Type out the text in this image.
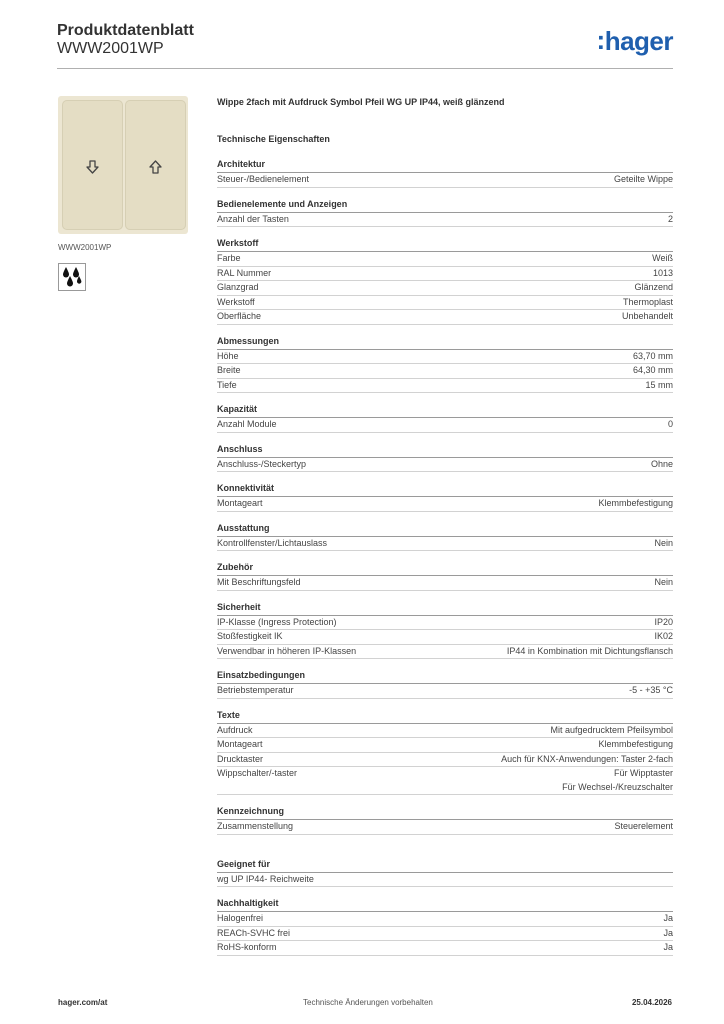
Produktdatenblatt
WWW2001WP	:hager
WWW2001WP
Wippe 2fach mit Aufdruck Symbol Pfeil WG UP IP44, weiß glänzend
Technische Eigenschaften
Architektur
Steuer-/Bedienelement	Geteilte Wippe
Bedienelemente und Anzeigen
Anzahl der Tasten	2
Werkstoff
Farbe	Weiß
RAL Nummer	1013
Glanzgrad	Glänzend
Werkstoff	Thermoplast
Oberfläche	Unbehandelt
Abmessungen
Höhe	63,70 mm
Breite	64,30 mm
Tiefe	15 mm
Kapazität
Anzahl Module	0
Anschluss
Anschluss-/Steckertyp	Ohne
Konnektivität
Montageart	Klemmbefestigung
Ausstattung
Kontrollfenster/Lichtauslass	Nein
Zubehör
Mit Beschriftungsfeld	Nein
Sicherheit
IP-Klasse (Ingress Protection)	IP20
Stoßfestigkeit IK	IK02
Verwendbar in höheren IP-Klassen	IP44 in Kombination mit Dichtungsflansch
Einsatzbedingungen
Betriebstemperatur	-5 - +35 °C
Texte
Aufdruck	Mit aufgedrucktem Pfeilsymbol
Montageart	Klemmbefestigung
Drucktaster	Auch für KNX-Anwendungen: Taster 2-fach
Wippschalter/-taster	Für Wipptaster
Für Wechsel-/Kreuzschalter
Kennzeichnung
Zusammenstellung	Steuerelement
Geeignet für
wg UP IP44- Reichweite
Nachhaltigkeit
Halogenfrei	Ja
REACh-SVHC frei	Ja
RoHS-konform	Ja
hager.com/at	Technische Änderungen vorbehalten	25.04.2026
